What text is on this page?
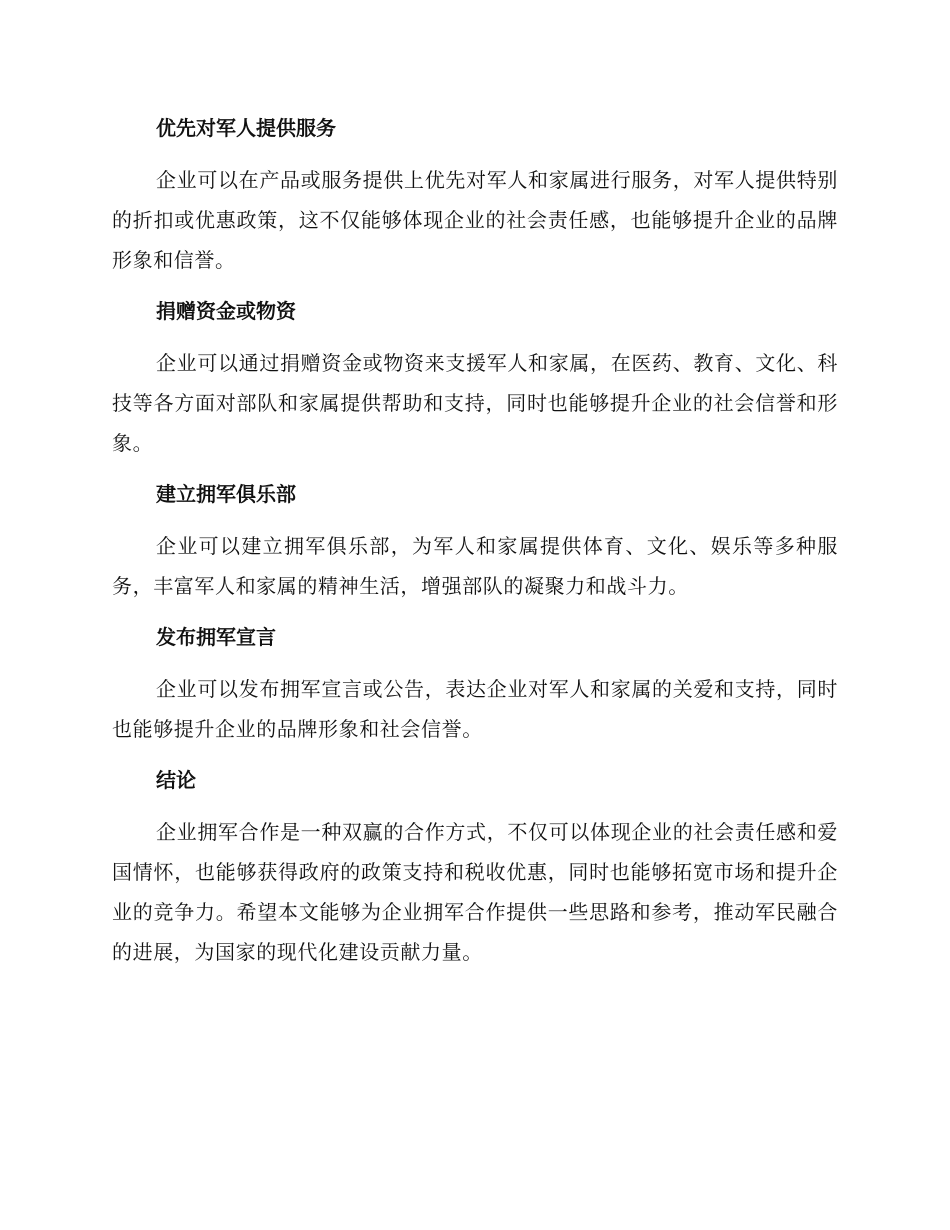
优先对军人提供服务

企业可以在产品或服务提供上优先对军人和家属进行服务，对军人提供特别的折扣或优惠政策，这不仅能够体现企业的社会责任感，也能够提升企业的品牌形象和信誉。

捐赠资金或物资

企业可以通过捐赠资金或物资来支援军人和家属，在医药、教育、文化、科技等各方面对部队和家属提供帮助和支持，同时也能够提升企业的社会信誉和形象。

建立拥军俱乐部

企业可以建立拥军俱乐部，为军人和家属提供体育、文化、娱乐等多种服务，丰富军人和家属的精神生活，增强部队的凝聚力和战斗力。

发布拥军宣言

企业可以发布拥军宣言或公告，表达企业对军人和家属的关爱和支持，同时也能够提升企业的品牌形象和社会信誉。

结论

企业拥军合作是一种双赢的合作方式，不仅可以体现企业的社会责任感和爱国情怀，也能够获得政府的政策支持和税收优惠，同时也能够拓宽市场和提升企业的竞争力。希望本文能够为企业拥军合作提供一些思路和参考，推动军民融合的进展，为国家的现代化建设贡献力量。
